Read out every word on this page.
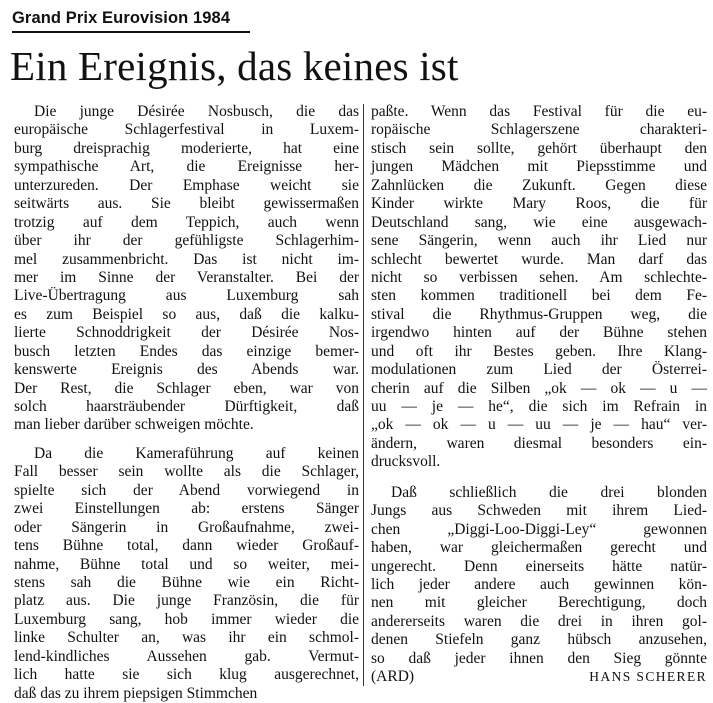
Grand Prix Eurovision 1984
Ein Ereignis, das keines ist
Die junge Désirée Nosbusch, die das
europäische Schlagerfestival in Luxem-
burg dreisprachig moderierte, hat eine
sympathische Art, die Ereignisse her-
unterzureden. Der Emphase weicht sie
seitwärts aus. Sie bleibt gewissermaßen
trotzig auf dem Teppich, auch wenn
über ihr der gefühligste Schlagerhim-
mel zusammenbricht. Das ist nicht im-
mer im Sinne der Veranstalter. Bei der
Live-Übertragung aus Luxemburg sah
es zum Beispiel so aus, daß die kalku-
lierte Schnoddrigkeit der Désirée Nos-
busch letzten Endes das einzige bemer-
kenswerte Ereignis des Abends war.
Der Rest, die Schlager eben, war von
solch haarsträubender Dürftigkeit, daß
man lieber darüber schweigen möchte.
Da die Kameraführung auf keinen
Fall besser sein wollte als die Schlager,
spielte sich der Abend vorwiegend in
zwei Einstellungen ab: erstens Sänger
oder Sängerin in Großaufnahme, zwei-
tens Bühne total, dann wieder Großauf-
nahme, Bühne total und so weiter, mei-
stens sah die Bühne wie ein Richt-
platz aus. Die junge Französin, die für
Luxemburg sang, hob immer wieder die
linke Schulter an, was ihr ein schmol-
lend-kindliches Aussehen gab. Vermut-
lich hatte sie sich klug ausgerechnet,
daß das zu ihrem piepsigen Stimmchen
paßte. Wenn das Festival für die eu-
ropäische Schlagerszene charakteri-
stisch sein sollte, gehört überhaupt den
jungen Mädchen mit Piepsstimme und
Zahnlücken die Zukunft. Gegen diese
Kinder wirkte Mary Roos, die für
Deutschland sang, wie eine ausgewach-
sene Sängerin, wenn auch ihr Lied nur
schlecht bewertet wurde. Man darf das
nicht so verbissen sehen. Am schlechte-
sten kommen traditionell bei dem Fe-
stival die Rhythmus-Gruppen weg, die
irgendwo hinten auf der Bühne stehen
und oft ihr Bestes geben. Ihre Klang-
modulationen zum Lied der Österrei-
cherin auf die Silben „ok — ok — u —
uu — je — he“, die sich im Refrain in
„ok — ok — u — uu — je — hau“ ver-
ändern, waren diesmal besonders ein-
drucksvoll.
Daß schließlich die drei blonden
Jungs aus Schweden mit ihrem Lied-
chen „Diggi-Loo-Diggi-Ley“ gewonnen
haben, war gleichermaßen gerecht und
ungerecht. Denn einerseits hätte natür-
lich jeder andere auch gewinnen kön-
nen mit gleicher Berechtigung, doch
andererseits waren die drei in ihren gol-
denen Stiefeln ganz hübsch anzusehen,
so daß jeder ihnen den Sieg gönnte
(ARD)	HANS SCHERER
